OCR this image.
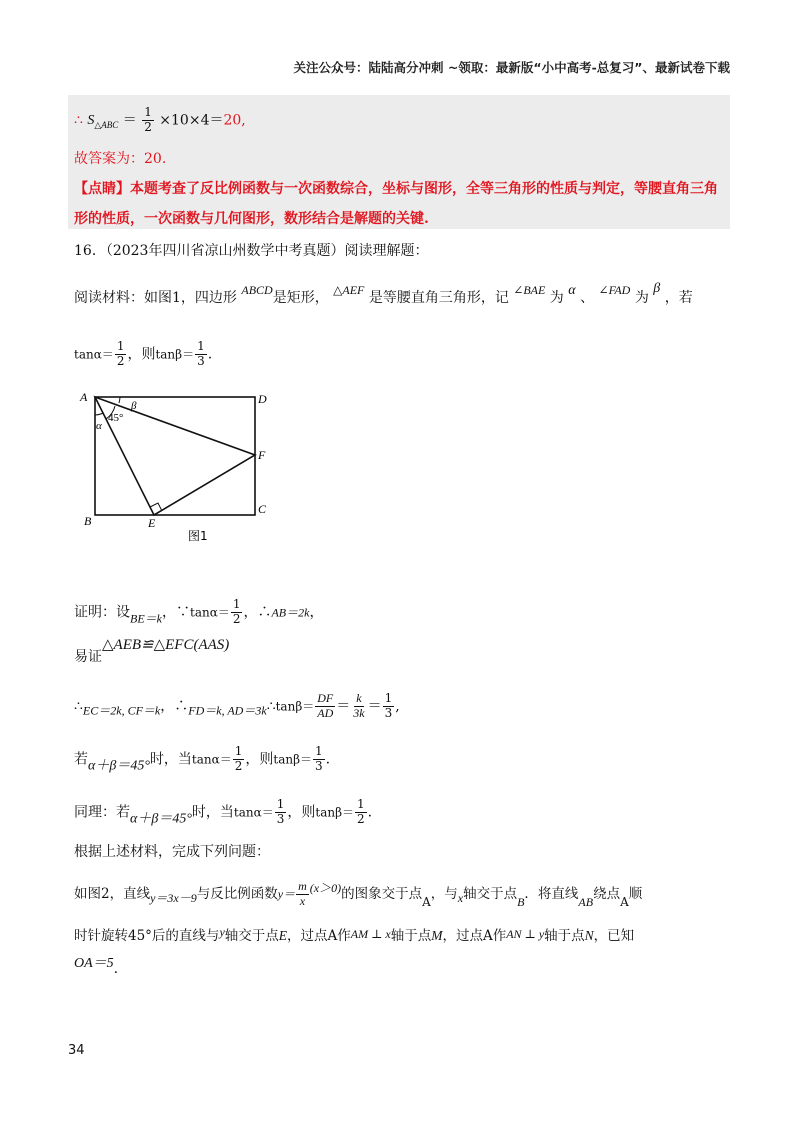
关注公众号：陆陆高分冲刺 ~领取：最新版“小中高考-总复习”、最新试卷下载
∴ $S_{\triangle ABC} = \frac{1}{2} \times 10\times 4=20$,
故答案为：20.
【点睛】本题考查了反比例函数与一次函数综合，坐标与图形，全等三角形的性质与判定，等腰直角三角
形的性质，一次函数与几何图形，数形结合是解题的关键.
16．（2023年四川省凉山州数学中考真题）阅读理解题：
阅读材料：如图1，四边形 ABCD是矩形， △AEF 是等腰直角三角形，记 ∠BAE 为 α 、 ∠FAD 为 β ，若
$\tan\alpha= \frac{1}{2}$ ，则$\tan\beta= \frac{1}{3}$ .
A	D
F
C
B	E
45°
β
α
图1
证明：设BE＝k，∵tanα＝ $\frac{1}{2}$ ，∴AB＝2k，
易证△AEB≌△EFC(AAS)
∴EC＝2k, CF＝k，∴FD＝k, AD＝3k∴tanβ＝ $\frac{DF}{AD} = \frac{k}{3k} = \frac{1}{3}$ ,
若α＋β＝45°时，当$\tan\alpha= \frac{1}{2}$ ，则$\tan\beta= \frac{1}{3}$ .
同理：若α＋β＝45°时，当$\tan\alpha= \frac{1}{3}$ ，则$\tan\beta= \frac{1}{2}$ .
根据上述材料，完成下列问题：
如图2，直线y＝3x－9与反比例函数$y= \frac{m}{x} (x>0)$的图象交于点A，与x轴交于点B．将直线AB绕点A顺
时针旋转45°后的直线与y轴交于点E，过点A作AM ⊥ x轴于点M，过点A作AN ⊥ y轴于点N，已知
OA＝5.
34
